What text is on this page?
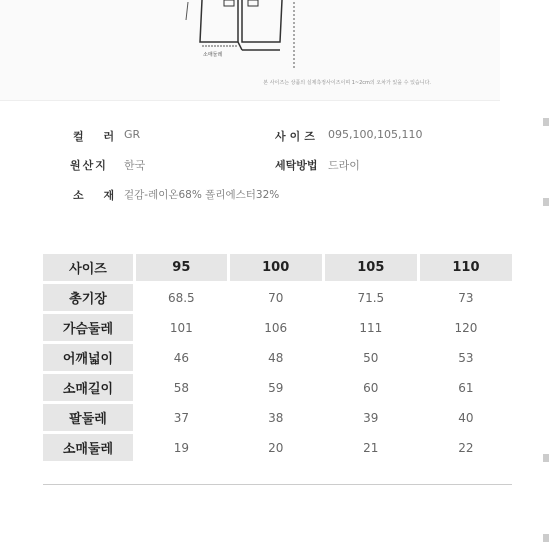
소매둘레
본 사이즈는 상품의 실제측정사이즈이며 1~2cm의 오차가 있을 수 있습니다.
컬 러 GR	사이즈 095,100,105,110
원산지 한국	세탁방법 드라이
소 재 겉감-레이온68% 폴리에스터32%
사이즈		95		100		105		110
총기장		68.5		70		71.5		73
가슴둘레		101		106		111		120
어깨넓이		46		48		50		53
소매길이		58		59		60		61
팔둘레		37		38		39		40
소매둘레		19		20		21		22
